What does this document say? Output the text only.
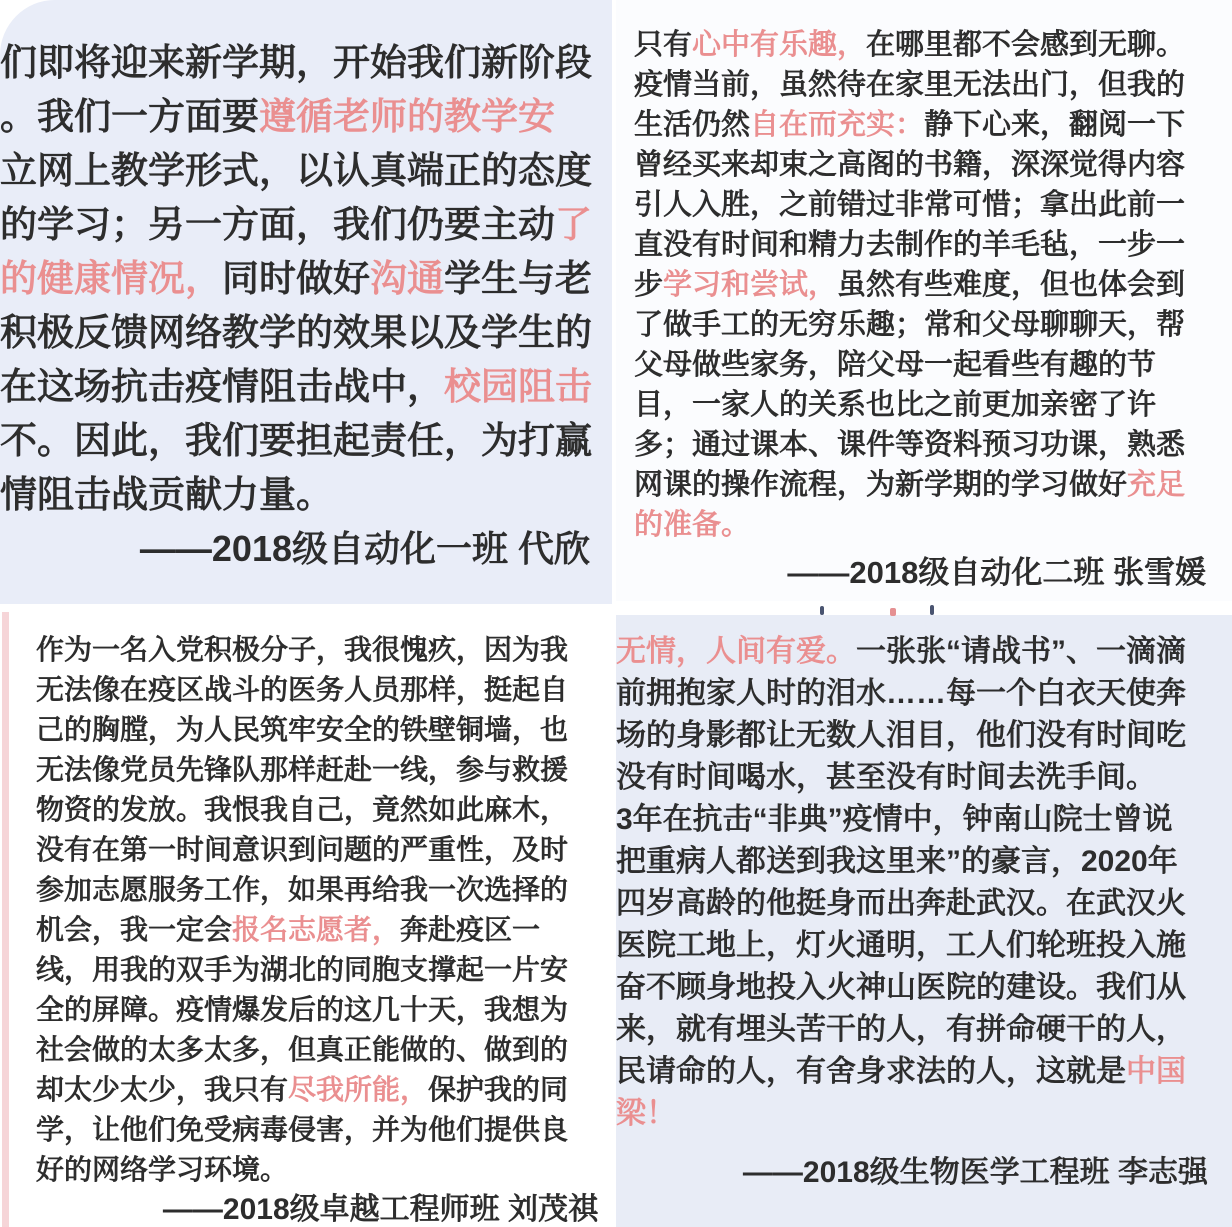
们即将迎来新学期，开始我们新阶段
。我们一方面要遵循老师的教学安
立网上教学形式，以认真端正的态度
的学习；另一方面，我们仍要主动了
的健康情况，同时做好沟通学生与老
积极反馈网络教学的效果以及学生的
在这场抗击疫情阻击战中，校园阻击
不。因此，我们要担起责任，为打赢
情阻击战贡献力量。
——2018级自动化一班 代欣
只有心中有乐趣，在哪里都不会感到无聊。
疫情当前，虽然待在家里无法出门，但我的
生活仍然自在而充实：静下心来，翻阅一下
曾经买来却束之高阁的书籍，深深觉得内容
引人入胜，之前错过非常可惜；拿出此前一
直没有时间和精力去制作的羊毛毡，一步一
步学习和尝试，虽然有些难度，但也体会到
了做手工的无穷乐趣；常和父母聊聊天，帮
父母做些家务，陪父母一起看些有趣的节
目，一家人的关系也比之前更加亲密了许
多；通过课本、课件等资料预习功课，熟悉
网课的操作流程，为新学期的学习做好充足
的准备。
——2018级自动化二班 张雪媛
作为一名入党积极分子，我很愧疚，因为我
无法像在疫区战斗的医务人员那样，挺起自
己的胸膛，为人民筑牢安全的铁壁铜墙，也
无法像党员先锋队那样赶赴一线，参与救援
物资的发放。我恨我自己，竟然如此麻木，
没有在第一时间意识到问题的严重性，及时
参加志愿服务工作，如果再给我一次选择的
机会，我一定会报名志愿者，奔赴疫区一
线，用我的双手为湖北的同胞支撑起一片安
全的屏障。疫情爆发后的这几十天，我想为
社会做的太多太多，但真正能做的、做到的
却太少太少，我只有尽我所能，保护我的同
学，让他们免受病毒侵害，并为他们提供良
好的网络学习环境。
——2018级卓越工程师班 刘茂祺
无情，人间有爱。一张张“请战书”、一滴滴
前拥抱家人时的泪水……每一个白衣天使奔
场的身影都让无数人泪目，他们没有时间吃
没有时间喝水，甚至没有时间去洗手间。
3年在抗击“非典”疫情中，钟南山院士曾说
把重病人都送到我这里来”的豪言，2020年
四岁高龄的他挺身而出奔赴武汉。在武汉火
医院工地上，灯火通明，工人们轮班投入施
奋不顾身地投入火神山医院的建设。我们从
来，就有埋头苦干的人，有拼命硬干的人，
民请命的人，有舍身求法的人，这就是中国
梁！
——2018级生物医学工程班 李志强
